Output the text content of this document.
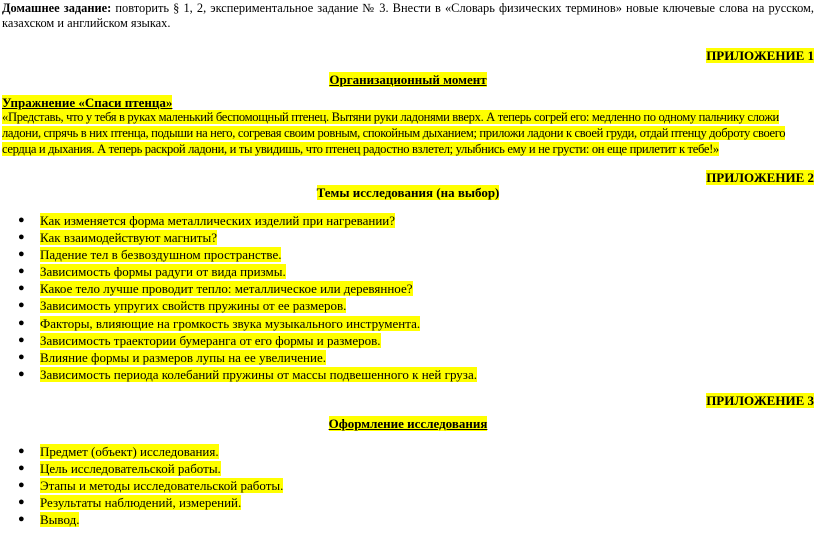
Домашнее задание: повторить § 1, 2, экспериментальное задание № 3. Внести в «Словарь физических терминов» новые ключевые слова на русском, казахском и английском языках.
ПРИЛОЖЕНИЕ 1
Организационный момент
Упражнение «Спаси птенца»
«Представь, что у тебя в руках маленький беспомощный птенец. Вытяни руки ладонями вверх. А теперь согрей его: медленно по одному пальчику сложи ладони, спрячь в них птенца, подыши на него, согревая своим ровным, спокойным дыханием; приложи ладони к своей груди, отдай птенцу доброту своего сердца и дыхания. А теперь раскрой ладони, и ты увидишь, что птенец радостно взлетел; улыбнись ему и не грусти: он еще прилетит к тебе!»
ПРИЛОЖЕНИЕ 2
Темы исследования (на выбор)
● Как изменяется форма металлических изделий при нагревании?
● Как взаимодействуют магниты?
● Падение тел в безвоздушном пространстве.
● Зависимость формы радуги от вида призмы.
● Какое тело лучше проводит тепло: металлическое или деревянное?
● Зависимость упругих свойств пружины от ее размеров.
● Факторы, влияющие на громкость звука музыкального инструмента.
● Зависимость траектории бумеранга от его формы и размеров.
● Влияние формы и размеров лупы на ее увеличение.
● Зависимость периода колебаний пружины от массы подвешенного к ней груза.
ПРИЛОЖЕНИЕ 3
Оформление исследования
● Предмет (объект) исследования.
● Цель исследовательской работы.
● Этапы и методы исследовательской работы.
● Результаты наблюдений, измерений.
● Вывод.
